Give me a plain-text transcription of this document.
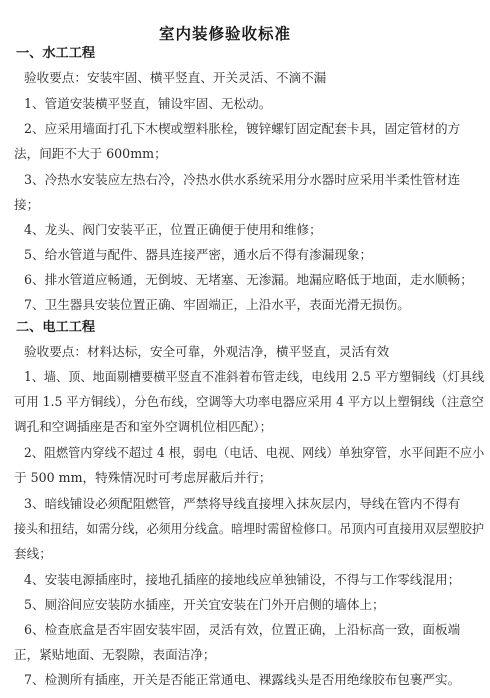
室内装修验收标准
一、水工工程
验收要点：安装牢固、横平竖直、开关灵活、不滴不漏
1、管道安装横平竖直，铺设牢固、无松动。
2、应采用墙面打孔下木楔或塑料胀栓，镀锌螺钉固定配套卡具，固定管材的方
法，间距不大于 600mm；
3、冷热水安装应左热右冷，冷热水供水系统采用分水器时应采用半柔性管材连
接；
4、龙头、阀门安装平正，位置正确便于使用和维修；
5、给水管道与配件、器具连接严密，通水后不得有渗漏现象；
6、排水管道应畅通，无倒坡、无堵塞、无渗漏。地漏应略低于地面，走水顺畅；
7、卫生器具安装位置正确、牢固端正，上沿水平，表面光滑无损伤。
二、电工工程
验收要点：材料达标，安全可靠，外观洁净，横平竖直，灵活有效
1、墙、顶、地面剔槽要横平竖直不准斜着布管走线，电线用 2.5 平方塑铜线（灯具线
可用 1.5 平方铜线），分色布线，空调等大功率电器应采用 4 平方以上塑铜线（注意空
调孔和空调插座是否和室外空调机位相匹配）；
2、阻燃管内穿线不超过 4 根，弱电（电话、电视、网线）单独穿管，水平间距不应小
于 500 mm，特殊情况时可考虑屏蔽后并行；
3、暗线铺设必须配阻燃管，严禁将导线直接埋入抹灰层内，导线在管内不得有
接头和扭结，如需分线，必须用分线盒。暗埋时需留检修口。吊顶内可直接用双层塑胶护
套线；
4、安装电源插座时，接地孔插座的接地线应单独铺设，不得与工作零线混用；
5、厕浴间应安装防水插座，开关宜安装在门外开启侧的墙体上；
6、检查底盒是否牢固安装牢固，灵活有效，位置正确，上沿标高一致，面板端
正，紧贴地面、无裂隙，表面洁净；
7、检测所有插座，开关是否能正常通电、裸露线头是否用绝缘胶布包裹严实。
